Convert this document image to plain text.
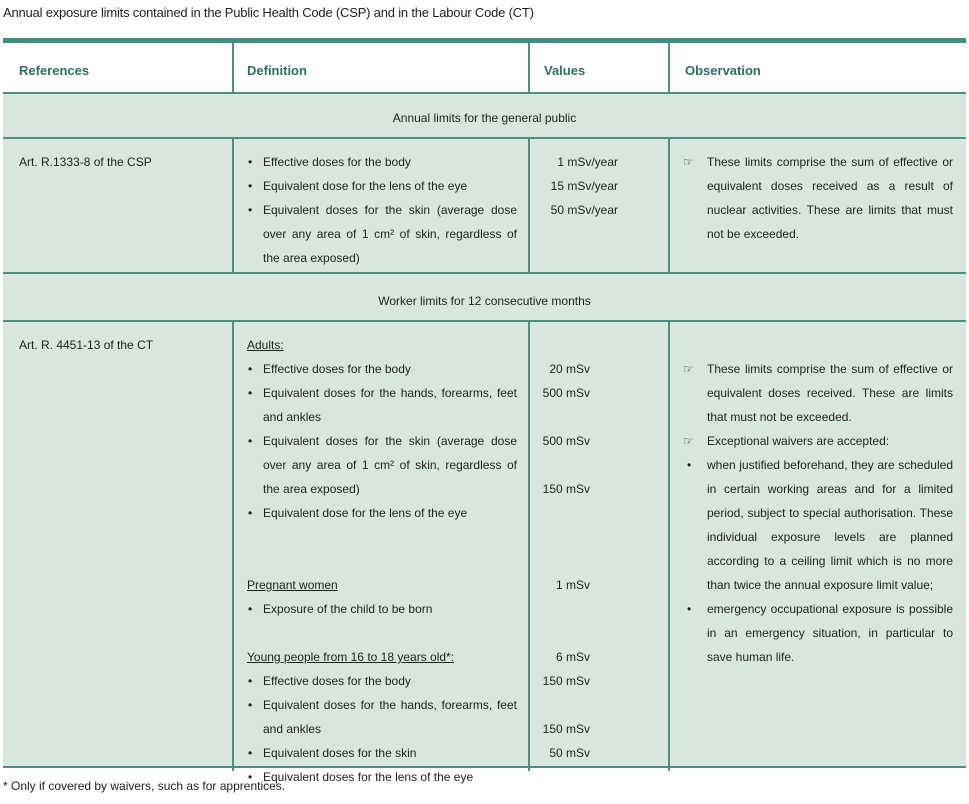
Annual exposure limits contained in the Public Health Code (CSP) and in the Labour Code (CT)
References	Definition	Values	Observation
Annual limits for the general public
Art. R.1333-8 of the CSP
•	Effective doses for the body
• Equivalent dose for the lens of the eye
• Equivalent doses for the skin (average dose over any area of 1 cm² of skin, regardless of the area exposed)
1 mSv/year
15 mSv/year
50 mSv/year
☞	These limits comprise the sum of effective or equivalent doses received as a result of nuclear activities. These are limits that must not be exceeded.
Worker limits for 12 consecutive months
Art. R. 4451-13 of the CT	Adults:
• Effective doses for the body
• Equivalent doses for the hands, forearms, feet and ankles
• Equivalent doses for the skin (average dose over any area of 1 cm² of skin, regardless of the area exposed)
• Equivalent dose for the lens of the eye
Pregnant women
• Exposure of the child to be born
Young people from 16 to 18 years old*:
• Effective doses for the body
• Equivalent doses for the hands, forearms, feet and ankles
• Equivalent doses for the skin
• Equivalent doses for the lens of the eye
20 mSv
500 mSv
500 mSv
150 mSv
1 mSv
6 mSv
150 mSv
150 mSv
50 mSv
☞	These limits comprise the sum of effective or equivalent doses received. These are limits that must not be exceeded.
☞	Exceptional waivers are accepted:
•	when justified beforehand, they are scheduled in certain working areas and for a limited period, subject to special authorisation. These individual exposure levels are planned according to a ceiling limit which is no more than twice the annual exposure limit value;
•	emergency occupational exposure is possible in an emergency situation, in particular to save human life.
* Only if covered by waivers, such as for apprentices.
